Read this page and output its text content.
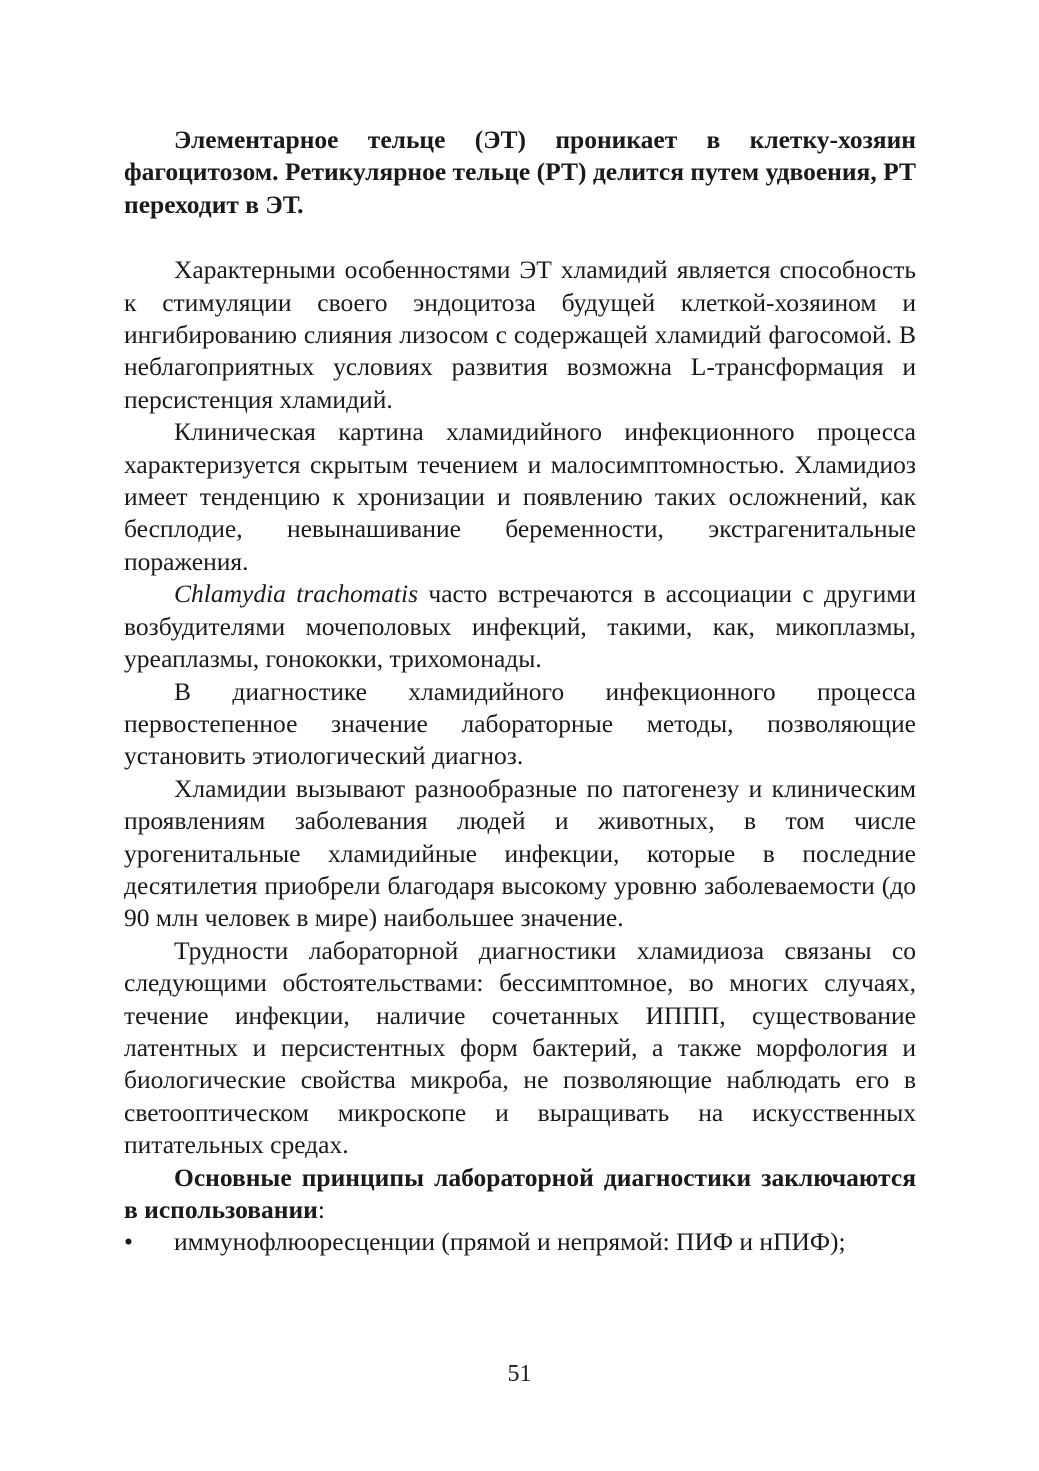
Элементарное тельце (ЭТ) проникает в клетку-хозяин фагоцитозом. Ретикулярное тельце (РТ) делится путем удвоения, РТ переходит в ЭТ.

Характерными особенностями ЭТ хламидий является способность к стимуляции своего эндоцитоза будущей клеткой-хозяином и ингибированию слияния лизосом с содержащей хламидий фагосомой. В неблагоприятных условиях развития возможна L-трансформация и персистенция хламидий.

Клиническая картина хламидийного инфекционного процесса характеризуется скрытым течением и малосимптомностью. Хламидиоз имеет тенденцию к хронизации и появлению таких осложнений, как бесплодие, невынашивание беременности, экстрагенитальные поражения.

Chlamydia trachomatis часто встречаются в ассоциации с другими возбудителями мочеполовых инфекций, такими, как, микоплазмы, уреаплазмы, гонококки, трихомонады.

В диагностике хламидийного инфекционного процесса первостепенное значение лабораторные методы, позволяющие установить этиологический диагноз.

Хламидии вызывают разнообразные по патогенезу и клиническим проявлениям заболевания людей и животных, в том числе урогенитальные хламидийные инфекции, которые в последние десятилетия приобрели благодаря высокому уровню заболеваемости (до 90 млн человек в мире) наибольшее значение.

Трудности лабораторной диагностики хламидиоза связаны со следующими обстоятельствами: бессимптомное, во многих случаях, течение инфекции, наличие сочетанных ИППП, существование латентных и персистентных форм бактерий, а также морфология и биологические свойства микроба, не позволяющие наблюдать его в светооптическом микроскопе и выращивать на искусственных питательных средах.

Основные принципы лабораторной диагностики заключаются в использовании:

• иммунофлюоресценции (прямой и непрямой: ПИФ и нПИФ);
51
